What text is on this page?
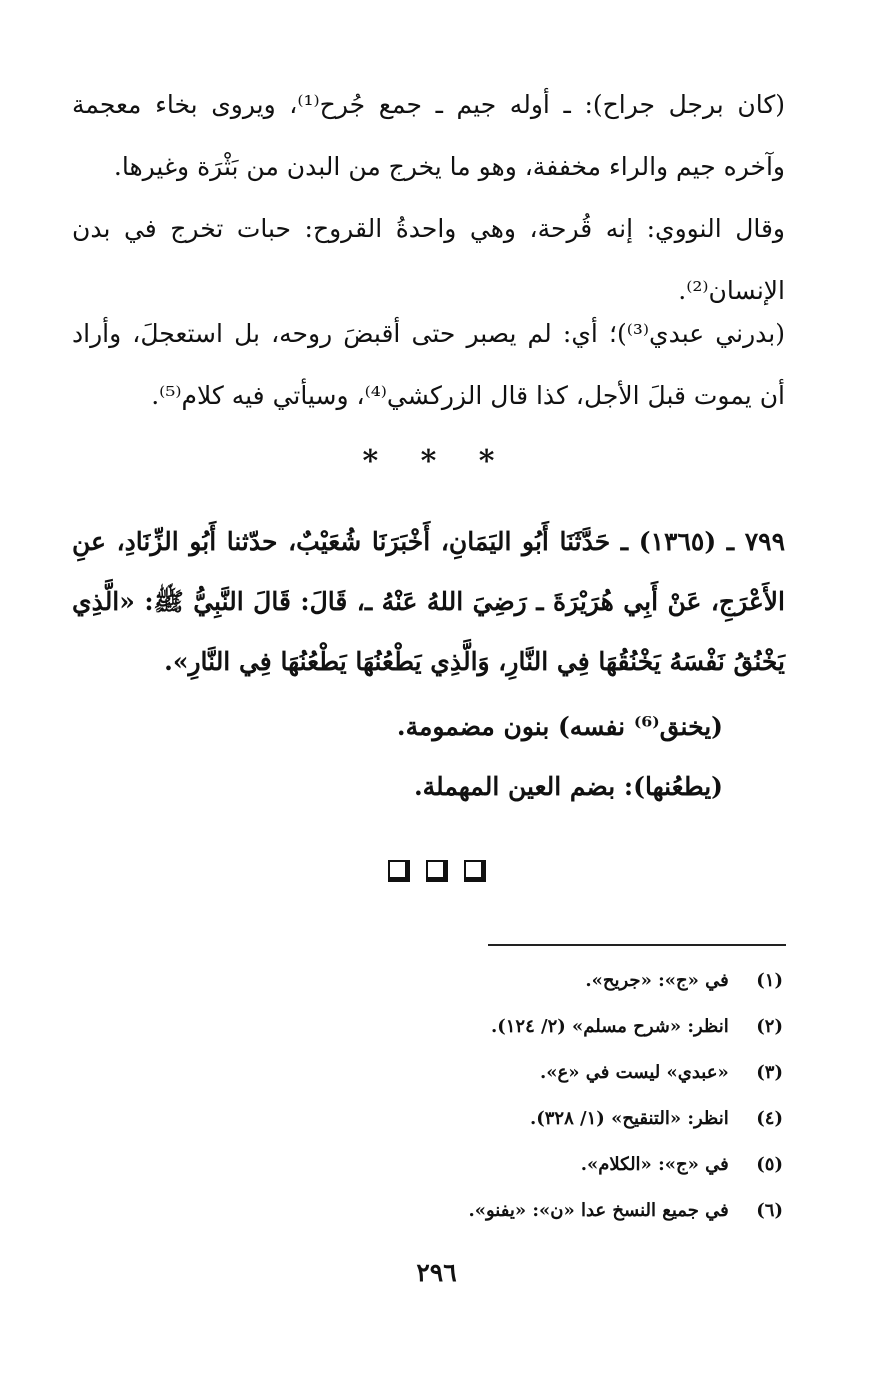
(كان برجل جراح): ـ أوله جيم ـ جمع جُرح⁽¹⁾، ويروى بخاء معجمة وآخره جيم والراء مخففة، وهو ما يخرج من البدن من بَثْرَة وغيرها.
وقال النووي: إنه قُرحة، وهي واحدةُ القروح: حبات تخرج في بدن الإنسان⁽²⁾.
(بدرني عبدي⁽³⁾)؛ أي: لم يصبر حتى أقبضَ روحه، بل استعجلَ، وأراد أن يموت قبلَ الأجل، كذا قال الزركشي⁽⁴⁾، وسيأتي فيه كلام⁽⁵⁾.
* * *
٧٩٩ ـ (١٣٦٥) ـ حَدَّثَنَا أَبُو اليَمَانِ، أَخْبَرَنَا شُعَيْبٌ، حدّثنا أَبُو الزِّنَادِ، عنِ الأَعْرَجِ، عَنْ أَبِي هُرَيْرَةَ ـ رَضِيَ اللهُ عَنْهُ ـ، قَالَ: قَالَ النَّبِيُّ ﷺ: «الَّذِي يَخْنُقُ نَفْسَهُ يَخْنُقُهَا فِي النَّارِ، وَالَّذِي يَطْعُنُهَا يَطْعُنُهَا فِي النَّارِ».
(يخنق⁽⁶⁾ نفسه) بنون مضمومة.
(يطعُنها): بضم العين المهملة.
(١) في «ج»: «جريح».
(٢) انظر: «شرح مسلم» (٢/ ١٢٤).
(٣) «عبدي» ليست في «ع».
(٤) انظر: «التنقيح» (١/ ٣٢٨).
(٥) في «ج»: «الكلام».
(٦) في جميع النسخ عدا «ن»: «يفنو».
٢٩٦
